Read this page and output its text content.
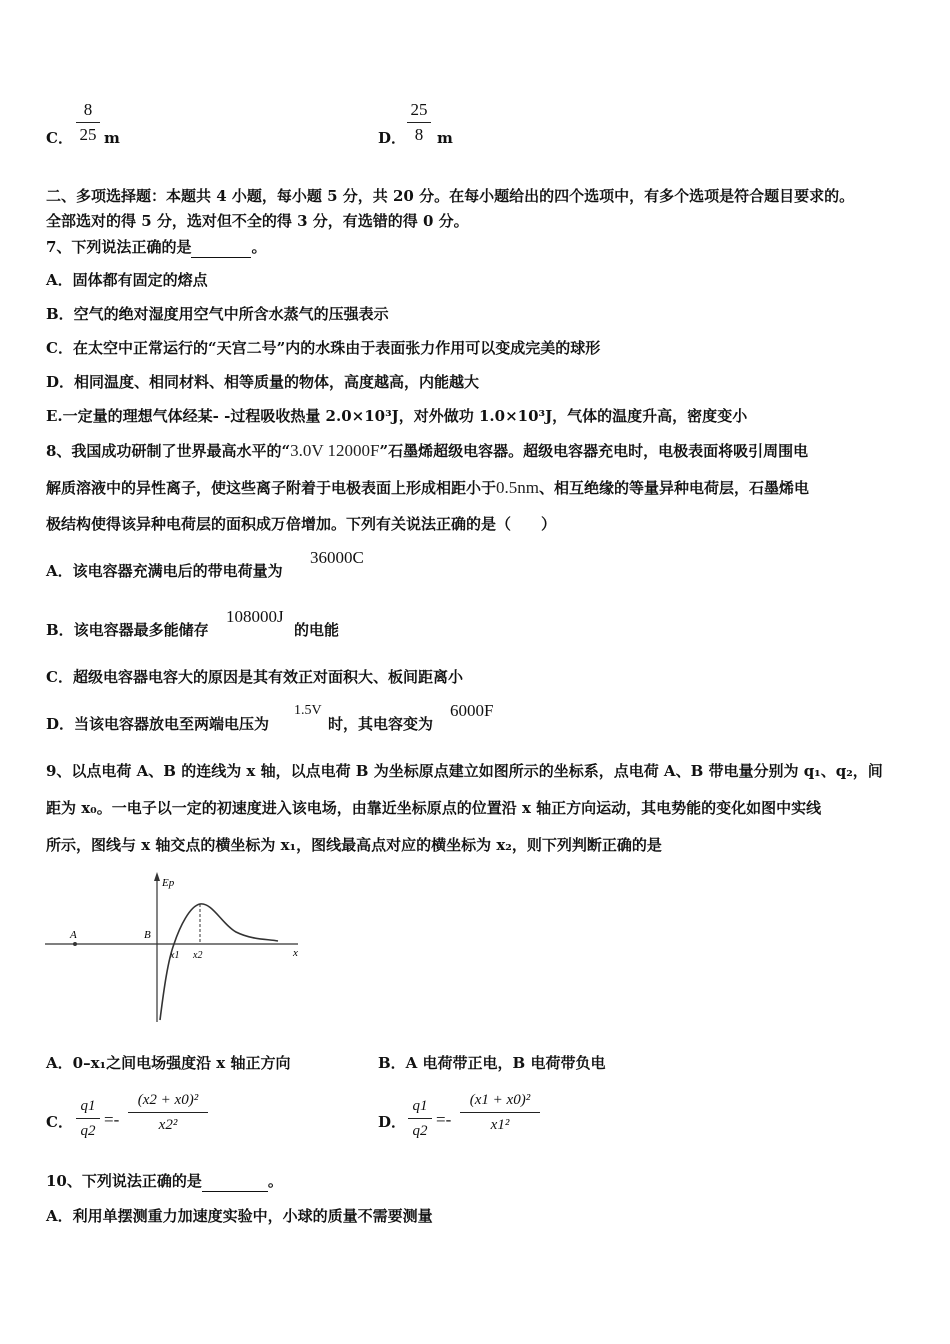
C．
8
25 m	D．
25
8 m
二、多项选择题：本题共 4 小题，每小题 5 分，共 20 分。在每小题给出的四个选项中，有多个选项是符合题目要求的。
全部选对的得 5 分，选对但不全的得 3 分，有选错的得 0 分。
7、下列说法正确的是	。
A．固体都有固定的熔点
B．空气的绝对湿度用空气中所含水蒸气的压强表示
C．在太空中正常运行的“天宫二号”内的水珠由于表面张力作用可以变成完美的球形
D．相同温度、相同材料、相等质量的物体，高度越高，内能越大
E.一定量的理想气体经某- -过程吸收热量 2.0×10³J，对外做功 1.0×10³J，气体的温度升高，密度变小
8、我国成功研制了世界最高水平的“3.0V 12000F”石墨烯超级电容器。超级电容器充电时，电极表面将吸引周围电
解质溶液中的异性离子，使这些离子附着于电极表面上形成相距小于0.5nm、相互绝缘的等量异种电荷层，石墨烯电
极结构使得该异种电荷层的面积成万倍增加。下列有关说法正确的是（　　）
A．该电容器充满电后的带电荷量为
36000C
B．该电容器最多能储存
108000J
的电能
C．超级电容器电容大的原因是其有效正对面积大、板间距离小
D．当该电容器放电至两端电压为
1.5V
时，其电容变为
6000F
9、以点电荷 A、B 的连线为 x 轴，以点电荷 B 为坐标原点建立如图所示的坐标系，点电荷 A、B 带电量分别为 q₁、q₂，间
距为 x₀。一电子以一定的初速度进入该电场，由靠近坐标原点的位置沿 x 轴正方向运动，其电势能的变化如图中实线
所示，图线与 x 轴交点的横坐标为 x₁，图线最高点对应的横坐标为 x₂，则下列判断正确的是
A	B
Ep
x
x1 x2
A．0–x₁之间电场强度沿 x 轴正方向	B．A 电荷带正电，B 电荷带负电
C．
q1
q2
=-
(x2 + x0)²
x2²	D．
q1
q2
=-
(x1 + x0)²
x1²
10、下列说法正确的是	。
A．利用单摆测重力加速度实验中，小球的质量不需要测量
